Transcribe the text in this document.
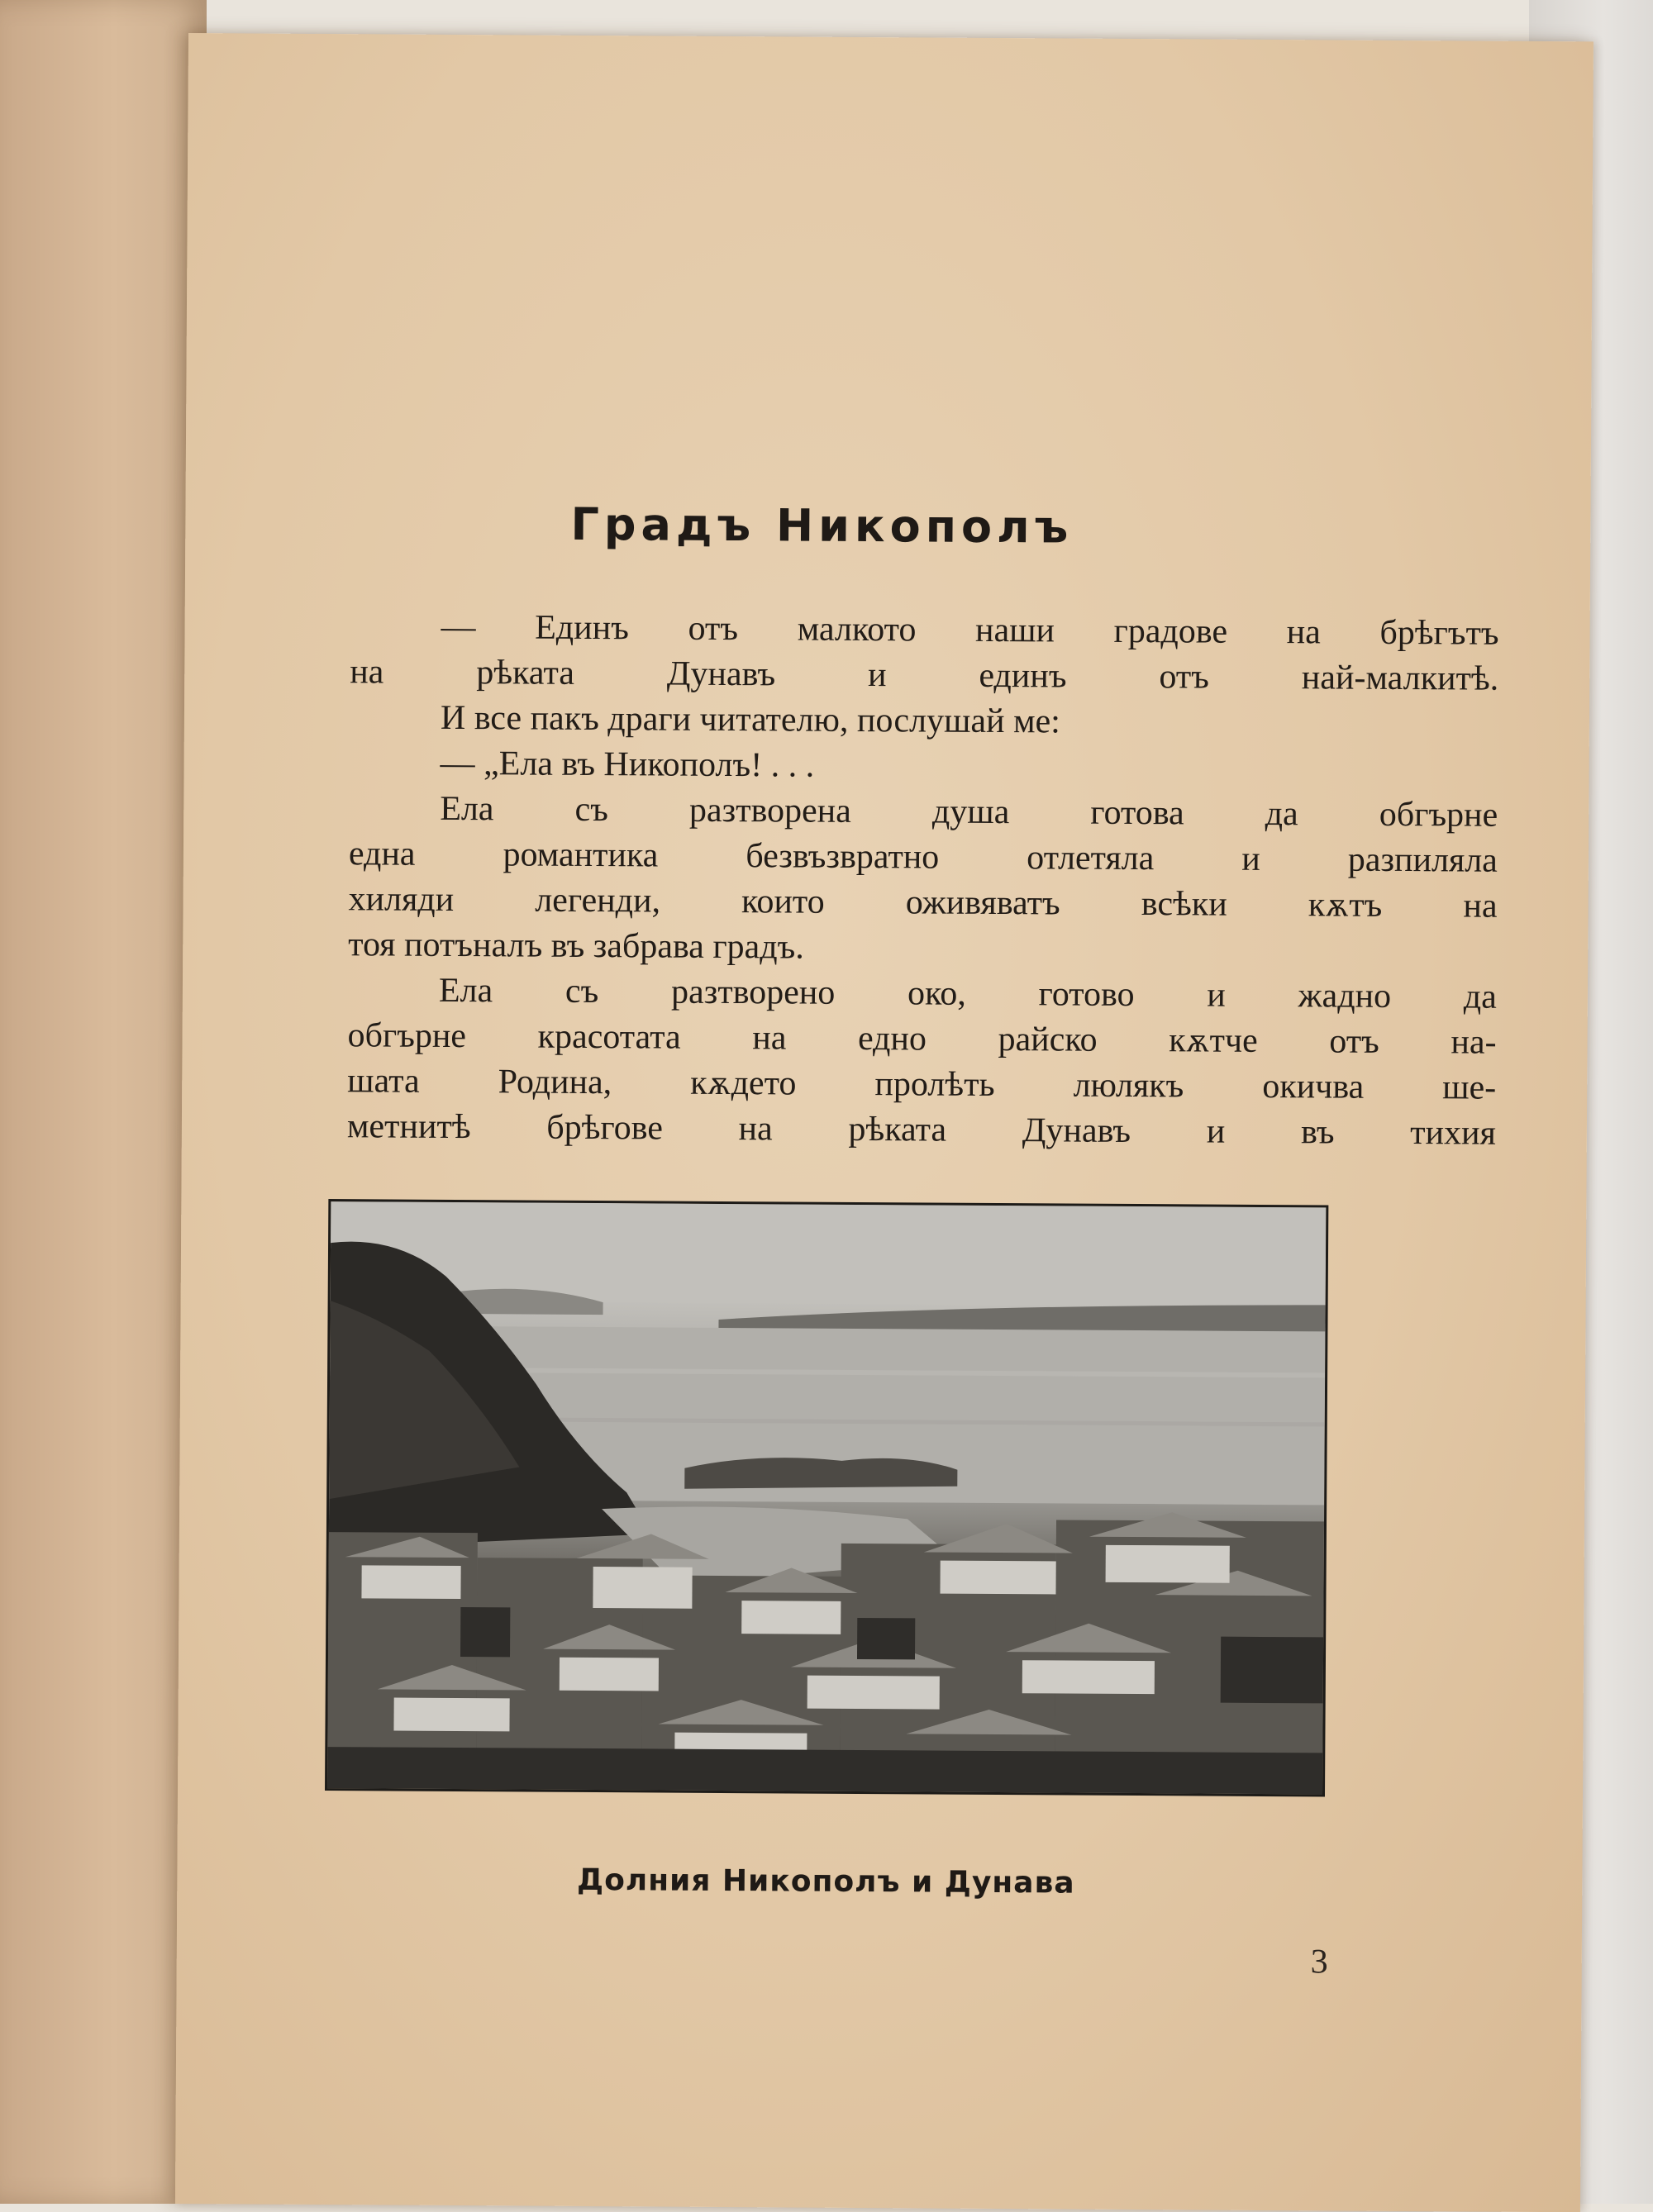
Градъ Никополъ
— Единъ отъ малкото наши градове на брѣгътъ
на рѣката Дунавъ и единъ отъ най-малкитѣ.
И все пакъ драги читателю, послушай ме:
— „Ела въ Никополъ! . . .
Ела съ разтворена душа готова да обгърне
една романтика безвъзвратно отлетяла и разпиляла
хиляди легенди, които оживяватъ всѣки кѫтъ на
тоя потъналъ въ забрава градъ.
Ела съ разтворено око, готово и жадно да
обгърне красотата на едно райско кѫтче отъ на-
шата Родина, кѫдето пролѣть люлякъ окичва ше-
метнитѣ брѣгове на рѣката Дунавъ и въ тихия
Долния Никополъ и Дунава
3
